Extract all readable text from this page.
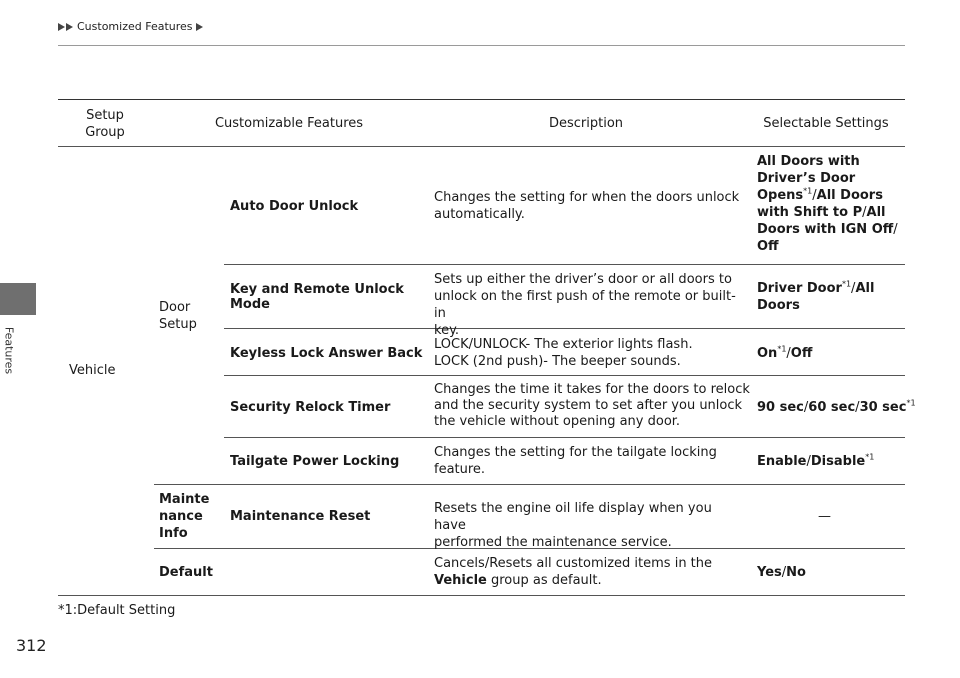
Customized Features
Features
Setup
Group
Customizable Features	Description	Selectable Settings
Vehicle
Door
Setup
Mainte
nance
Info
Default
Auto Door Unlock
Changes the setting for when the doors unlock
automatically.
All Doors with
Driver’s Door
Opens$^{*1}$/All Doors
with Shift to P/All
Doors with IGN Off/
Off
Key and Remote Unlock
Mode
Sets up either the driver’s door or all doors to
unlock on the first push of the remote or built-in
key.
Driver Door$^{*1}$/All
Doors
Keyless Lock Answer Back
LOCK/UNLOCK- The exterior lights flash.
LOCK (2nd push)- The beeper sounds.
On$^{*1}$/Off
Security Relock Timer
Changes the time it takes for the doors to relock
and the security system to set after you unlock
the vehicle without opening any door.
90 sec/60 sec/30 $\sec^{*1}$
Tailgate Power Locking
Changes the setting for the tailgate locking
feature.
Enable/Disable$^{*1}$
Maintenance Reset
Resets the engine oil life display when you have
performed the maintenance service.
—
Cancels/Resets all customized items in the
Vehicle group as default.
Yes/No
*1:Default Setting
312
